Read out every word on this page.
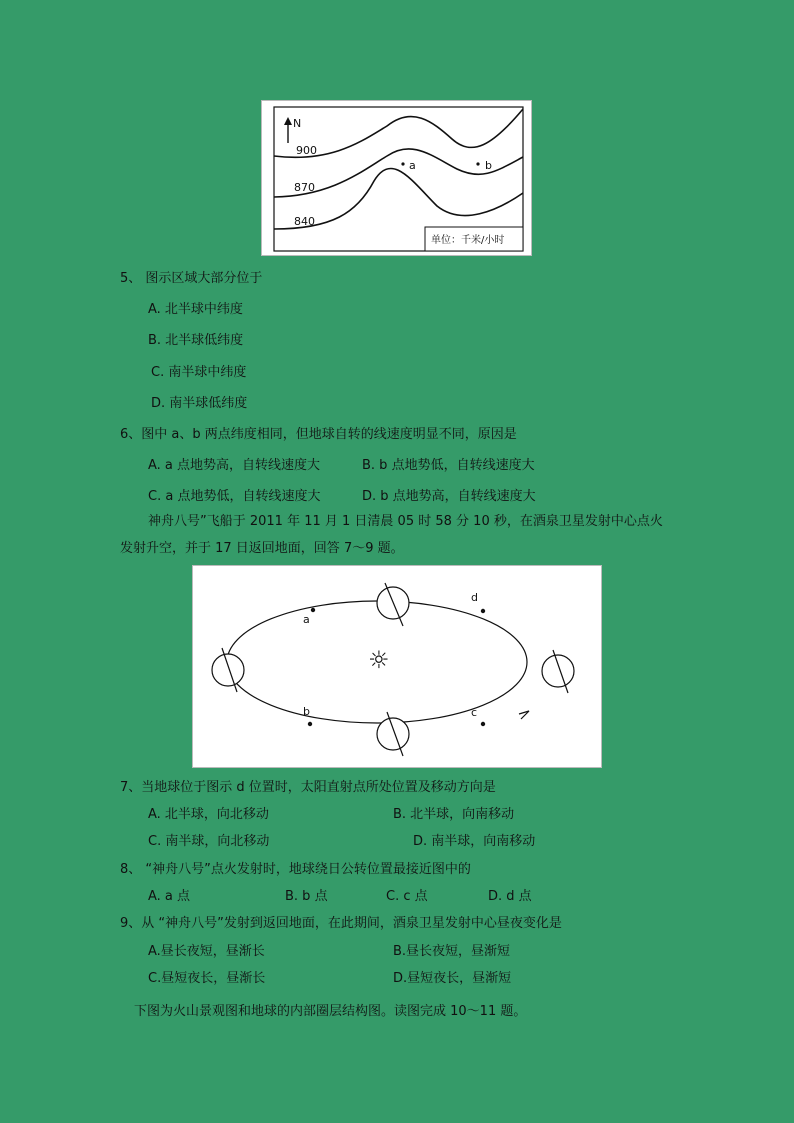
N
900
870
840
a	b
单位：千米/小时
5、 图示区域大部分位于
A. 北半球中纬度
B. 北半球低纬度
C. 南半球中纬度
D. 南半球低纬度
6、图中 a、b 两点纬度相同，但地球自转的线速度明显不同，原因是
A. a 点地势高，自转线速度大	B. b 点地势低，自转线速度大
C. a 点地势低，自转线速度大	D. b 点地势高，自转线速度大
神舟八号”飞船于 2011 年 11 月 1 日清晨 05 时 58 分 10 秒，在酒泉卫星发射中心点火
发射升空，并于 17 日返回地面，回答 7～9 题。
☼
a
b	c
d
7、当地球位于图示 d 位置时，太阳直射点所处位置及移动方向是
A. 北半球，向北移动	B. 北半球，向南移动
C. 南半球，向北移动	D. 南半球，向南移动
8、 “神舟八号”点火发射时，地球绕日公转位置最接近图中的
A. a 点	B. b 点	C. c 点	D. d 点
9、从 “神舟八号”发射到返回地面，在此期间，酒泉卫星发射中心昼夜变化是
A.昼长夜短，昼渐长	B.昼长夜短，昼渐短
C.昼短夜长，昼渐长	D.昼短夜长，昼渐短
下图为火山景观图和地球的内部圈层结构图。读图完成 10～11 题。
